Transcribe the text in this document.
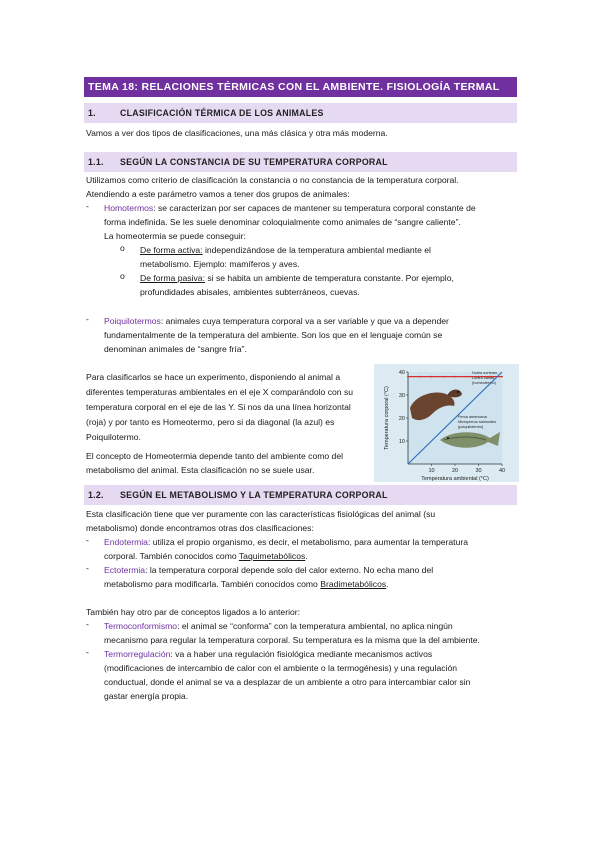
TEMA 18: RELACIONES TÉRMICAS CON EL AMBIENTE. FISIOLOGÍA TERMAL
1.	CLASIFICACIÓN TÉRMICA DE LOS ANIMALES
Vamos a ver dos tipos de clasificaciones, una más clásica y otra más moderna.
1.1. SEGÚN LA CONSTANCIA DE SU TEMPERATURA CORPORAL
Utilizamos como criterio de clasificación la constancia o no constancia de la temperatura corporal.
Atendiendo a este parámetro vamos a tener dos grupos de animales:
- Homotermos: se caracterizan por ser capaces de mantener su temperatura corporal constante de
forma indefinida. Se les suele denominar coloquialmente como animales de “sangre caliente”.
La homeotermia se puede conseguir:
o De forma activa: independizándose de la temperatura ambiental mediante el
metabolismo. Ejemplo: mamíferos y aves.
o De forma pasiva: si se habita un ambiente de temperatura constante. Por ejemplo,
profundidades abisales, ambientes subterráneos, cuevas.
- Poiquilotermos: animales cuya temperatura corporal va a ser variable y que va a depender
fundamentalmente de la temperatura del ambiente. Son los que en el lenguaje común se
denominan animales de “sangre fría”.
Para clasificarlos se hace un experimento, disponiendo al animal a
diferentes temperaturas ambientales en el eje X comparándolo con su
temperatura corporal en el eje de las Y. Si nos da una línea horizontal
(roja) y por tanto es Homeotermo, pero si da diagonal (la azul) es
Poiquilotermo.
El concepto de Homeotermia depende tanto del ambiente como del
metabolismo del animal. Esta clasificación no se suele usar.	10	20	30	40
10
20
30
40
Temperatura ambiental (°C)
Temperatura corporal (°C)
Nutria norteam.
Lontra canad.
(homeotermo)
Perca americana
Micropterus salmoides
(poiquilotermo)
1.2. SEGÚN EL METABOLISMO Y LA TEMPERATURA CORPORAL
Esta clasificación tiene que ver puramente con las características fisiológicas del animal (su
metabolismo) donde encontramos otras dos clasificaciones:
- Endotermia: utiliza el propio organismo, es decir, el metabolismo, para aumentar la temperatura
corporal. También conocidos como Taquimetabólicos.
- Ectotermia: la temperatura corporal depende solo del calor externo. No echa mano del
metabolismo para modificarla. También conocidos como Bradimetabólicos.
También hay otro par de conceptos ligados a lo anterior:
- Termoconformismo: el animal se “conforma” con la temperatura ambiental, no aplica ningún
mecanismo para regular la temperatura corporal. Su temperatura es la misma que la del ambiente.
- Termorregulación: va a haber una regulación fisiológica mediante mecanismos activos
(modificaciones de intercambio de calor con el ambiente o la termogénesis) y una regulación
conductual, donde el animal se va a desplazar de un ambiente a otro para intercambiar calor sin
gastar energía propia.
